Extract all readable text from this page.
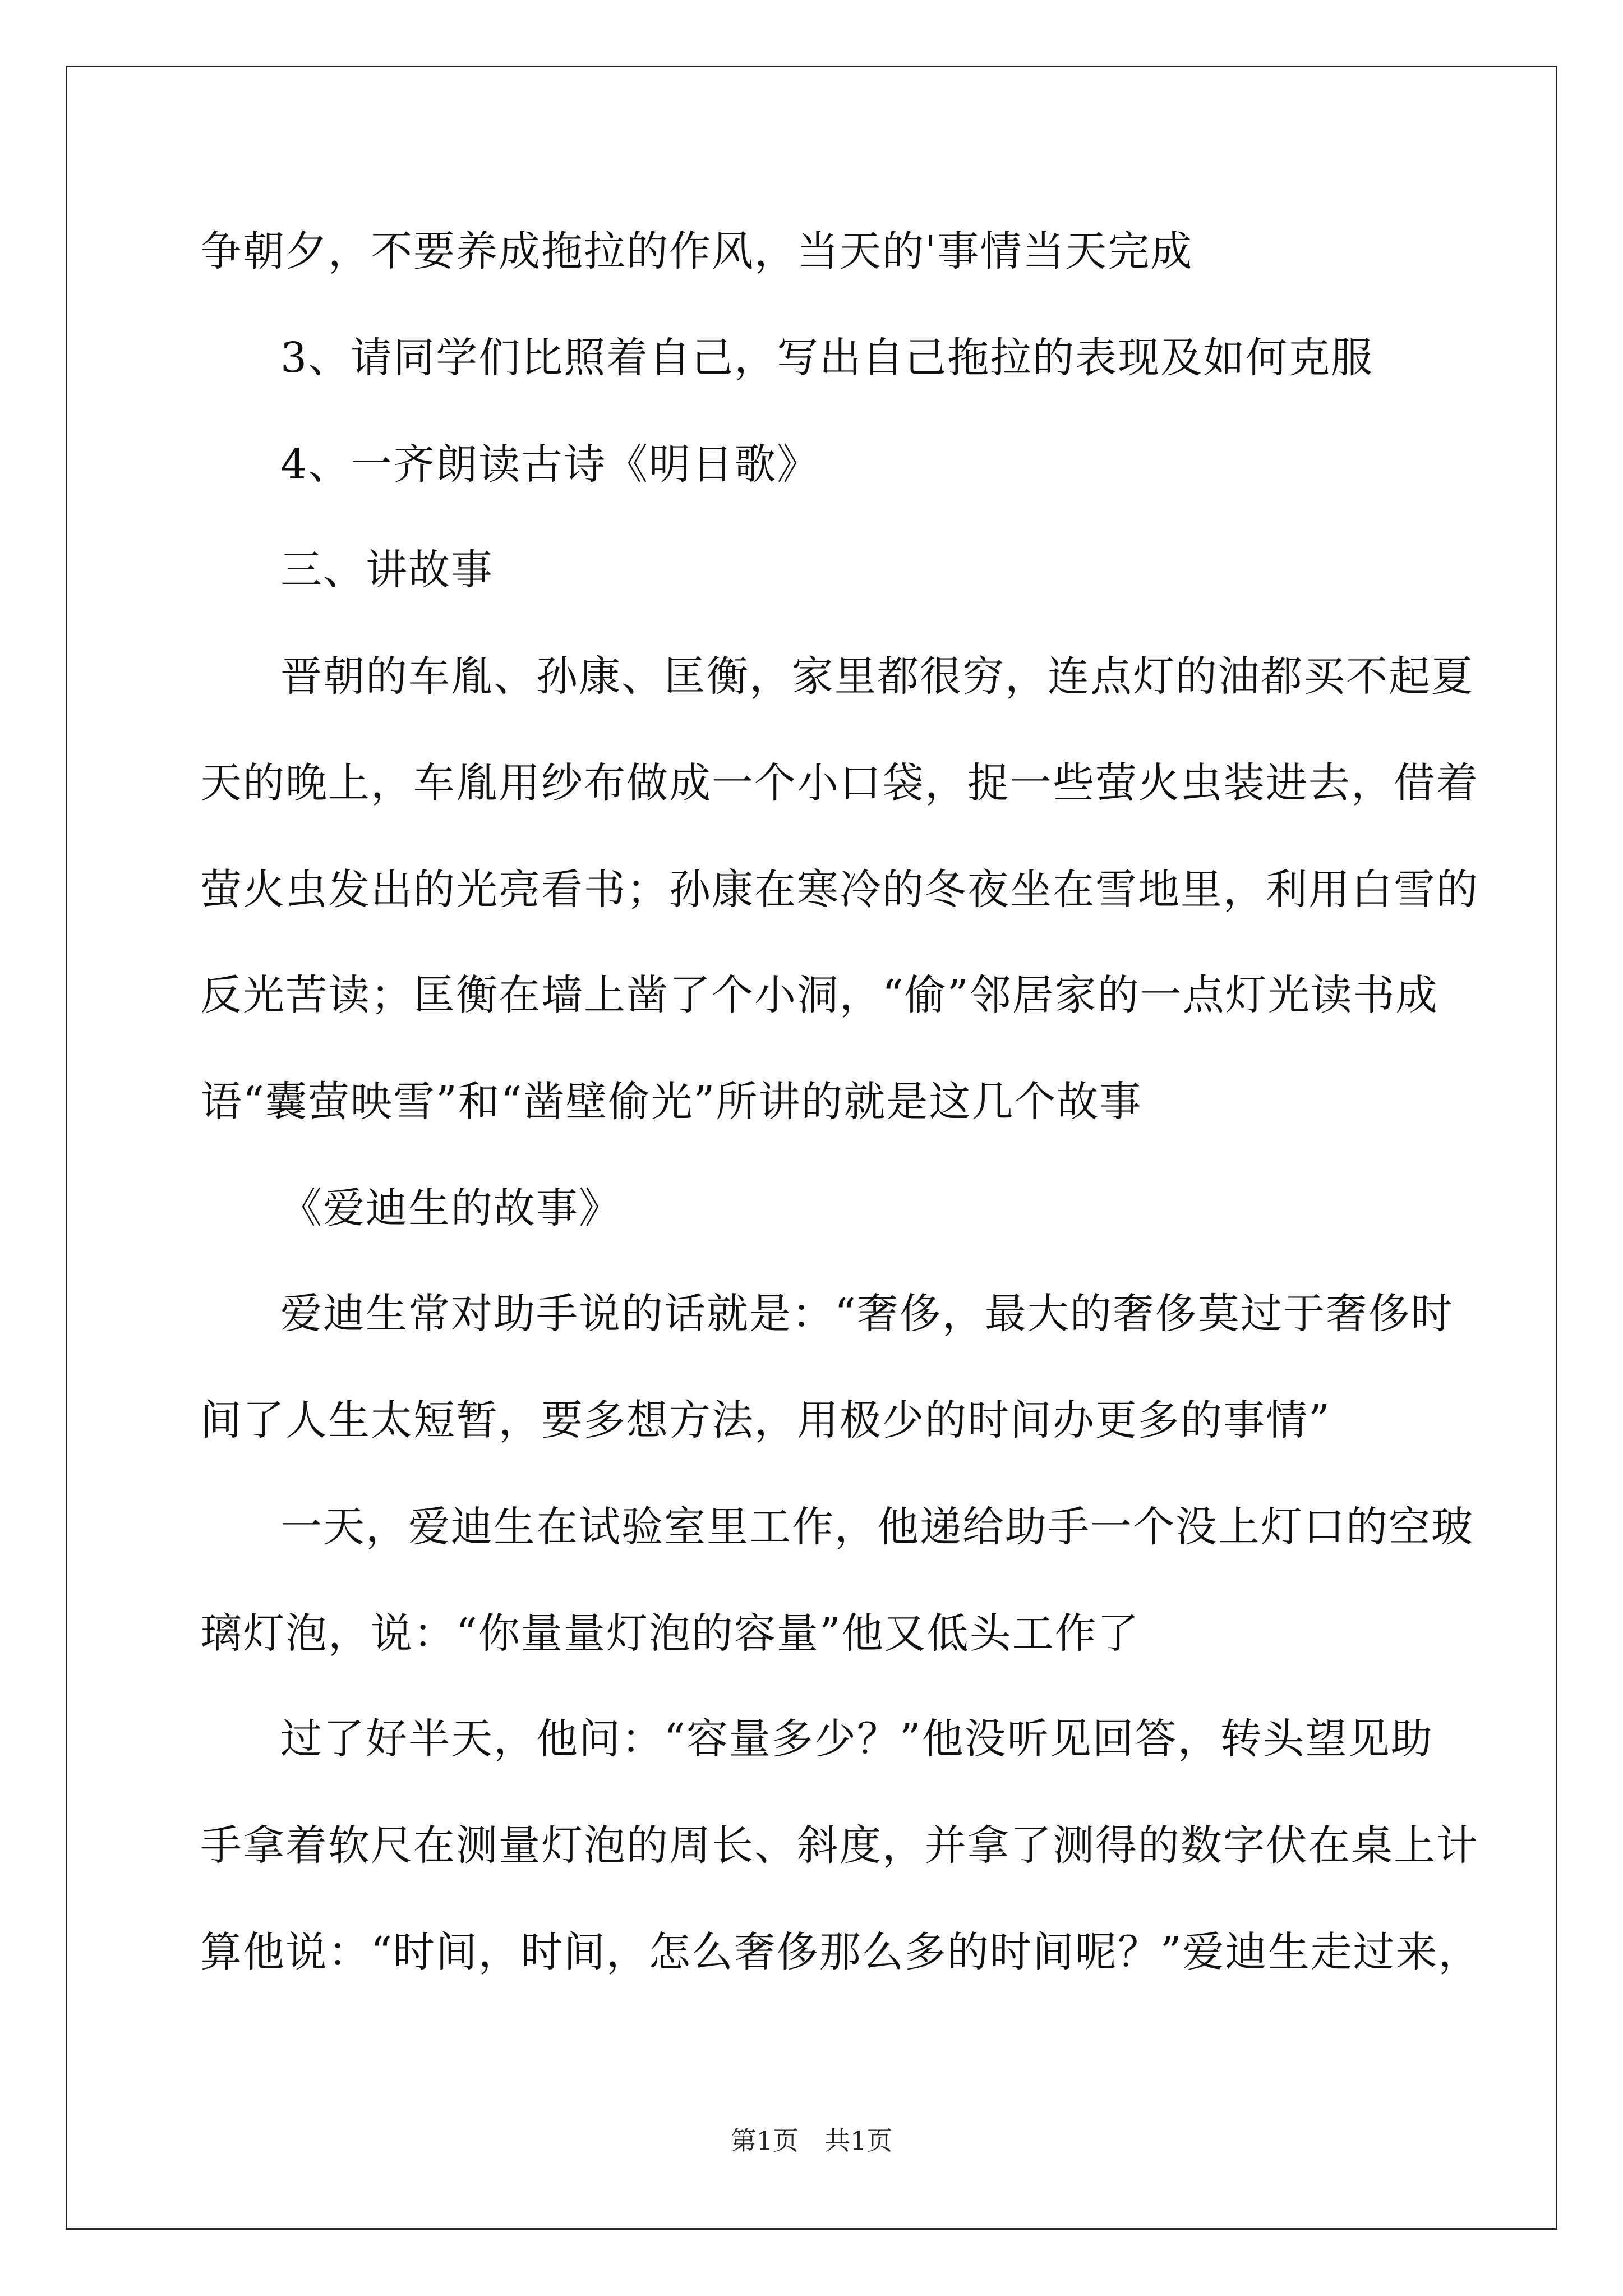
争朝夕，不要养成拖拉的作风，当天的'事情当天完成
3、请同学们比照着自己，写出自己拖拉的表现及如何克服
4、一齐朗读古诗《明日歌》
三、讲故事
晋朝的车胤、孙康、匡衡，家里都很穷，连点灯的油都买不起夏
天的晚上，车胤用纱布做成一个小口袋，捉一些萤火虫装进去，借着
萤火虫发出的光亮看书；孙康在寒冷的冬夜坐在雪地里，利用白雪的
反光苦读；匡衡在墙上凿了个小洞，“偷”邻居家的一点灯光读书成
语“囊萤映雪”和“凿壁偷光”所讲的就是这几个故事
《爱迪生的故事》
爱迪生常对助手说的话就是：“奢侈，最大的奢侈莫过于奢侈时
间了人生太短暂，要多想方法，用极少的时间办更多的事情”
一天，爱迪生在试验室里工作，他递给助手一个没上灯口的空玻
璃灯泡，说：“你量量灯泡的容量”他又低头工作了
过了好半天，他问：“容量多少？”他没听见回答，转头望见助
手拿着软尺在测量灯泡的周长、斜度，并拿了测得的数字伏在桌上计
算他说：“时间，时间，怎么奢侈那么多的时间呢？”爱迪生走过来，
第1页　共1页
